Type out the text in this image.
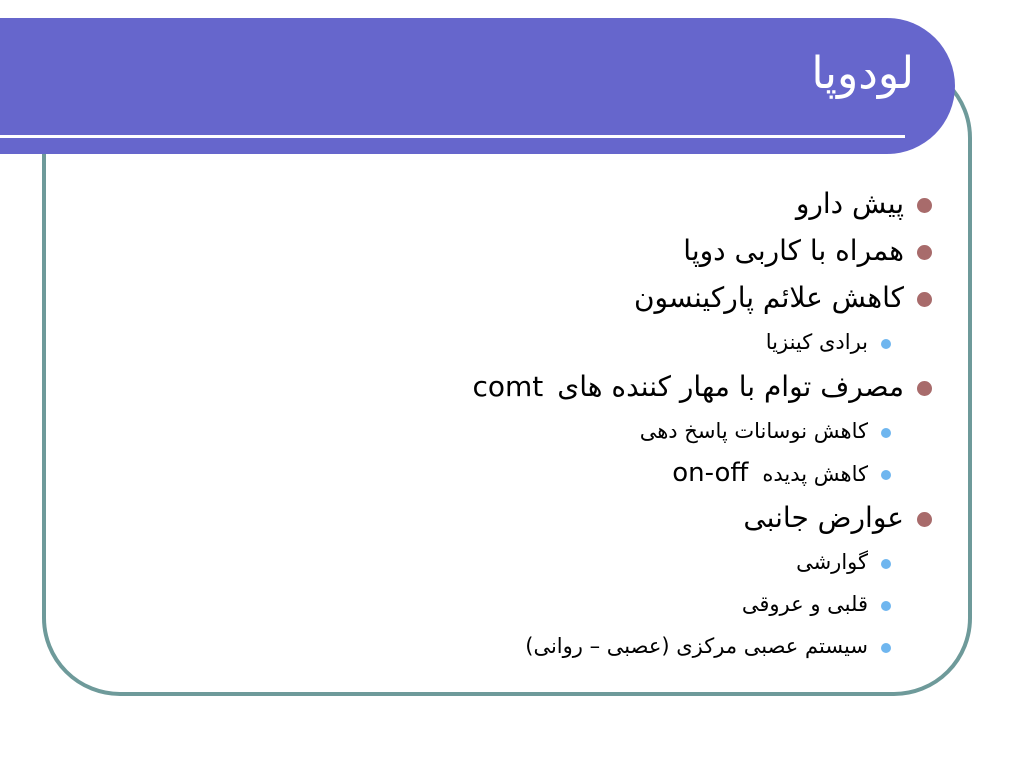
لودوپا
پیش دارو
همراه با کاربی دوپا
کاهش علائم پارکینسون
برادی کینزیا
مصرف توام با مهار کننده هایcomt
کاهش نوسانات پاسخ دهی
کاهش پدیدهon-off
عوارض جانبی
گوارشی
قلبی و عروقی
سیستم عصبی مرکزی (عصبی – روانی)
